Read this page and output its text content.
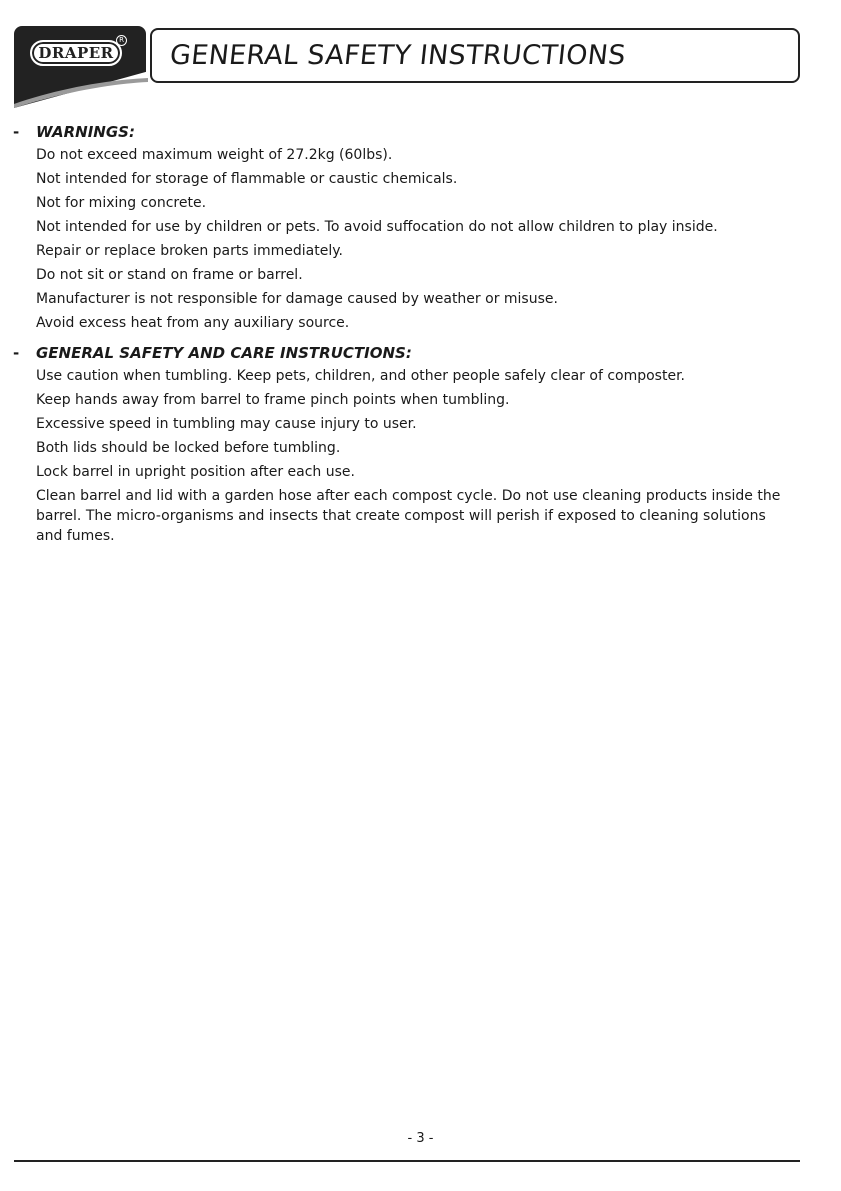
DRAPER
R GENERAL SAFETY INSTRUCTIONS
- WARNINGS:
Do not exceed maximum weight of 27.2kg (60lbs).
Not intended for storage of flammable or caustic chemicals.
Not for mixing concrete.
Not intended for use by children or pets. To avoid suffocation do not allow children to play inside.
Repair or replace broken parts immediately.
Do not sit or stand on frame or barrel.
Manufacturer is not responsible for damage caused by weather or misuse.
Avoid excess heat from any auxiliary source.
- GENERAL SAFETY AND CARE INSTRUCTIONS:
Use caution when tumbling. Keep pets, children, and other people safely clear of composter.
Keep hands away from barrel to frame pinch points when tumbling.
Excessive speed in tumbling may cause injury to user.
Both lids should be locked before tumbling.
Lock barrel in upright position after each use.
Clean barrel and lid with a garden hose after each compost cycle. Do not use cleaning products inside the barrel. The micro-organisms and insects that create compost will perish if exposed to cleaning solutions and fumes.
- 3 -
